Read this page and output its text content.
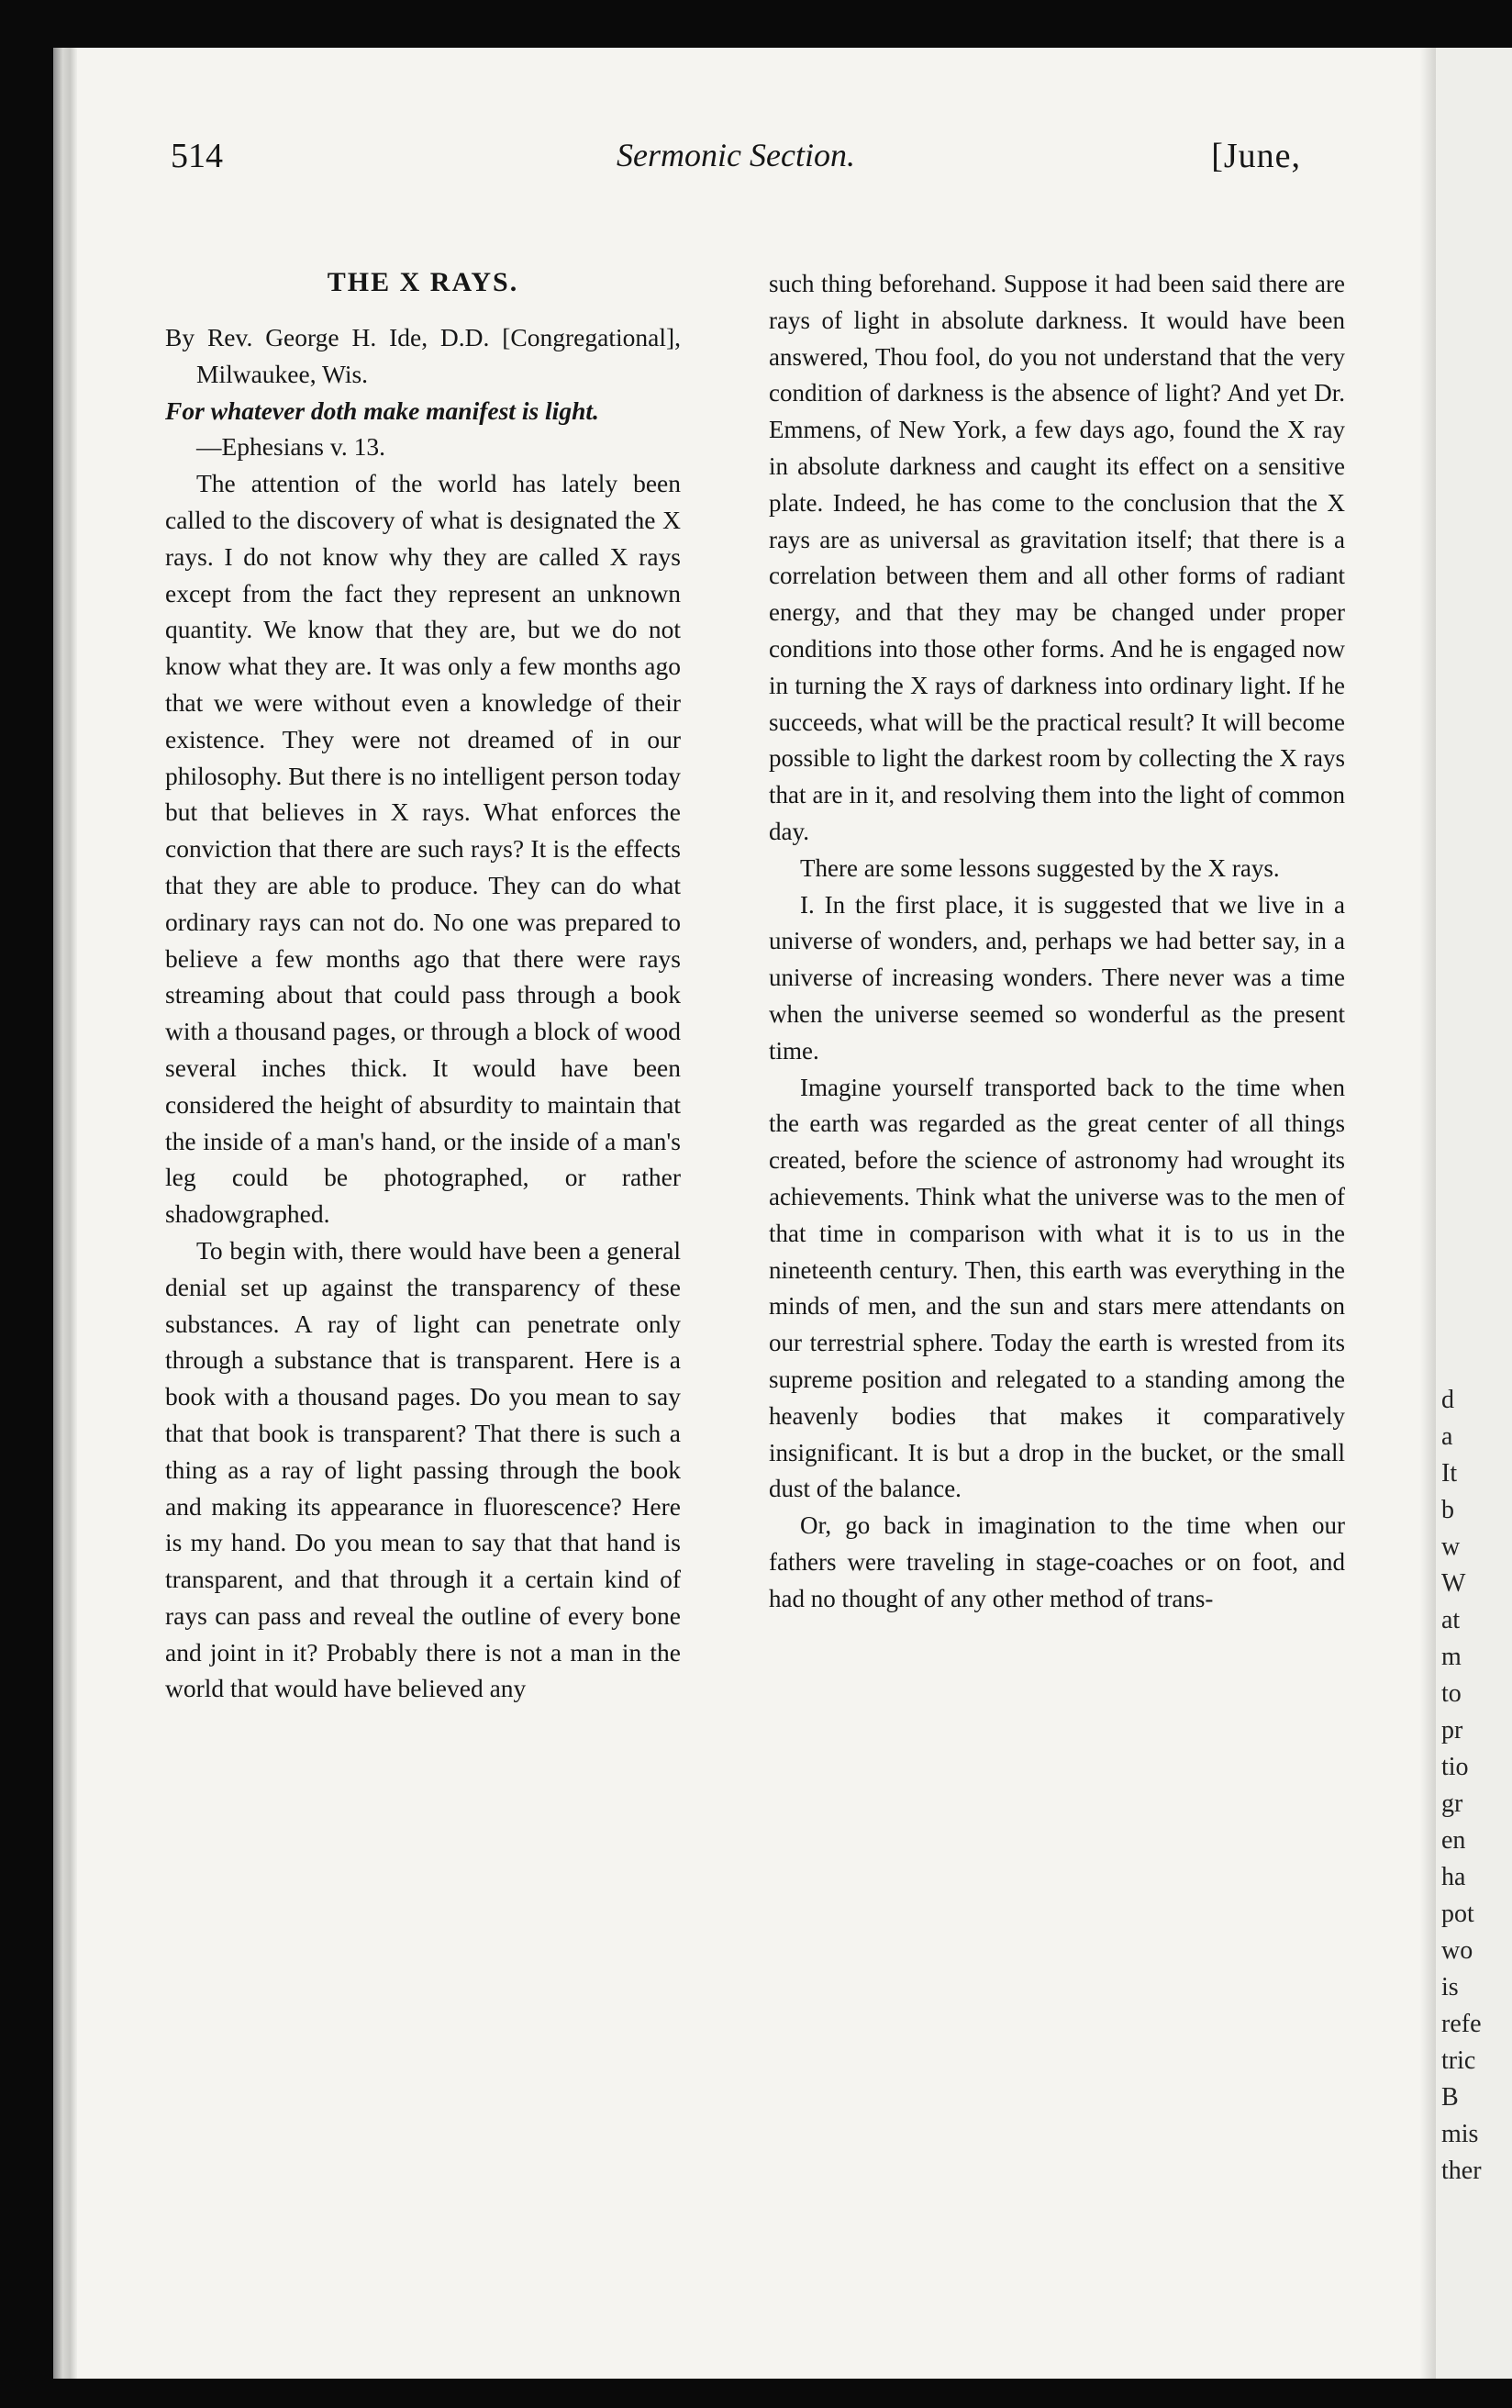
514	Sermonic Section.	[June,
THE X RAYS.

By Rev. George H. Ide, D.D. [Congregational], Milwaukee, Wis.

For whatever doth make manifest is light.
—Ephesians v. 13.

The attention of the world has lately been called to the discovery of what is designated the X rays. I do not know why they are called X rays except from the fact they represent an unknown quantity. We know that they are, but we do not know what they are. It was only a few months ago that we were without even a knowledge of their existence. They were not dreamed of in our philosophy. But there is no intelligent person today but that believes in X rays. What enforces the conviction that there are such rays? It is the effects that they are able to produce. They can do what ordinary rays can not do. No one was prepared to believe a few months ago that there were rays streaming about that could pass through a book with a thousand pages, or through a block of wood several inches thick. It would have been considered the height of absurdity to maintain that the inside of a man's hand, or the inside of a man's leg could be photographed, or rather shadowgraphed.

To begin with, there would have been a general denial set up against the transparency of these substances. A ray of light can penetrate only through a substance that is transparent. Here is a book with a thousand pages. Do you mean to say that that book is transparent? That there is such a thing as a ray of light passing through the book and making its appearance in fluorescence? Here is my hand. Do you mean to say that that hand is transparent, and that through it a certain kind of rays can pass and reveal the outline of every bone and joint in it? Probably there is not a man in the world that would have believed any

such thing beforehand. Suppose it had been said there are rays of light in absolute darkness. It would have been answered, Thou fool, do you not understand that the very condition of darkness is the absence of light? And yet Dr. Emmens, of New York, a few days ago, found the X ray in absolute darkness and caught its effect on a sensitive plate. Indeed, he has come to the conclusion that the X rays are as universal as gravitation itself; that there is a correlation between them and all other forms of radiant energy, and that they may be changed under proper conditions into those other forms. And he is engaged now in turning the X rays of darkness into ordinary light. If he succeeds, what will be the practical result? It will become possible to light the darkest room by collecting the X rays that are in it, and resolving them into the light of common day.

There are some lessons suggested by the X rays.

I. In the first place, it is suggested that we live in a universe of wonders, and, perhaps we had better say, in a universe of increasing wonders. There never was a time when the universe seemed so wonderful as the present time.

Imagine yourself transported back to the time when the earth was regarded as the great center of all things created, before the science of astronomy had wrought its achievements. Think what the universe was to the men of that time in comparison with what it is to us in the nineteenth century. Then, this earth was everything in the minds of men, and the sun and stars mere attendants on our terrestrial sphere. Today the earth is wrested from its supreme position and relegated to a standing among the heavenly bodies that makes it comparatively insignificant. It is but a drop in the bucket, or the small dust of the balance.

Or, go back in imagination to the time when our fathers were traveling in stage-coaches or on foot, and had no thought of any other method of trans-

d
a
It
b
w
W
at
m
to
pr
tio
gr
en
ha
pot
wo
is
refe
tric
B
mis
ther
